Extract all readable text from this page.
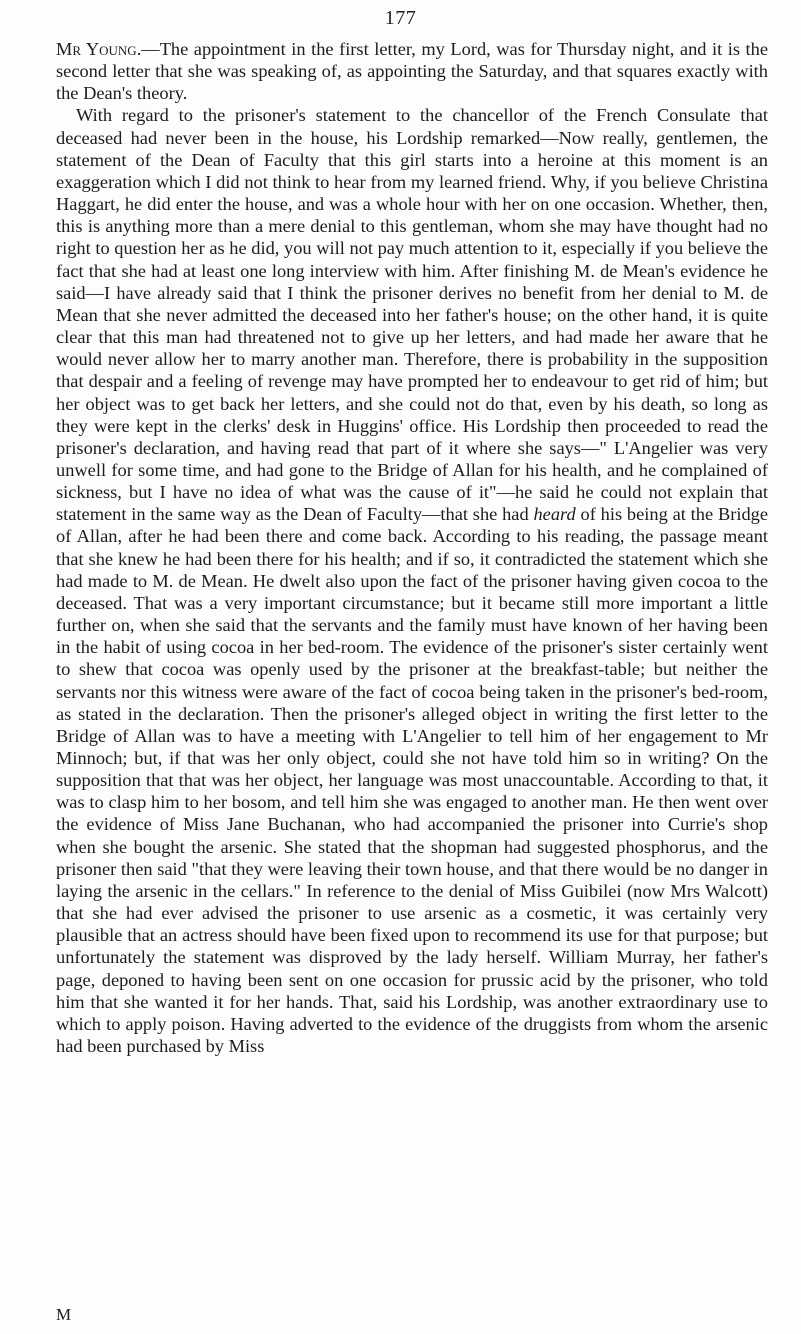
177

Mr Young.—The appointment in the first letter, my Lord, was for Thursday night, and it is the second letter that she was speaking of, as appointing the Saturday, and that squares exactly with the Dean's theory.

With regard to the prisoner's statement to the chancellor of the French Consulate that deceased had never been in the house, his Lordship remarked—Now really, gentlemen, the statement of the Dean of Faculty that this girl starts into a heroine at this moment is an exaggeration which I did not think to hear from my learned friend. Why, if you believe Christina Haggart, he did enter the house, and was a whole hour with her on one occasion. Whether, then, this is anything more than a mere denial to this gentleman, whom she may have thought had no right to question her as he did, you will not pay much attention to it, especially if you believe the fact that she had at least one long interview with him. After finishing M. de Mean's evidence he said—I have already said that I think the prisoner derives no benefit from her denial to M. de Mean that she never admitted the deceased into her father's house; on the other hand, it is quite clear that this man had threatened not to give up her letters, and had made her aware that he would never allow her to marry another man. Therefore, there is probability in the supposition that despair and a feeling of revenge may have prompted her to endeavour to get rid of him; but her object was to get back her letters, and she could not do that, even by his death, so long as they were kept in the clerks' desk in Huggins' office. His Lordship then proceeded to read the prisoner's declaration, and having read that part of it where she says—" L'Angelier was very unwell for some time, and had gone to the Bridge of Allan for his health, and he complained of sickness, but I have no idea of what was the cause of it"—he said he could not explain that statement in the same way as the Dean of Faculty—that she had heard of his being at the Bridge of Allan, after he had been there and come back. According to his reading, the passage meant that she knew he had been there for his health; and if so, it contradicted the statement which she had made to M. de Mean. He dwelt also upon the fact of the prisoner having given cocoa to the deceased. That was a very important circumstance; but it became still more important a little further on, when she said that the servants and the family must have known of her having been in the habit of using cocoa in her bed-room. The evidence of the prisoner's sister certainly went to shew that cocoa was openly used by the prisoner at the breakfast-table; but neither the servants nor this witness were aware of the fact of cocoa being taken in the prisoner's bed-room, as stated in the declaration. Then the prisoner's alleged object in writing the first letter to the Bridge of Allan was to have a meeting with L'Angelier to tell him of her engagement to Mr Minnoch; but, if that was her only object, could she not have told him so in writing? On the supposition that that was her object, her language was most unaccountable. According to that, it was to clasp him to her bosom, and tell him she was engaged to another man. He then went over the evidence of Miss Jane Buchanan, who had accompanied the prisoner into Currie's shop when she bought the arsenic. She stated that the shopman had suggested phosphorus, and the prisoner then said "that they were leaving their town house, and that there would be no danger in laying the arsenic in the cellars." In reference to the denial of Miss Guibilei (now Mrs Walcott) that she had ever advised the prisoner to use arsenic as a cosmetic, it was certainly very plausible that an actress should have been fixed upon to recommend its use for that purpose; but unfortunately the statement was disproved by the lady herself. William Murray, her father's page, deponed to having been sent on one occasion for prussic acid by the prisoner, who told him that she wanted it for her hands. That, said his Lordship, was another extraordinary use to which to apply poison. Having adverted to the evidence of the druggists from whom the arsenic had been purchased by Miss

M
